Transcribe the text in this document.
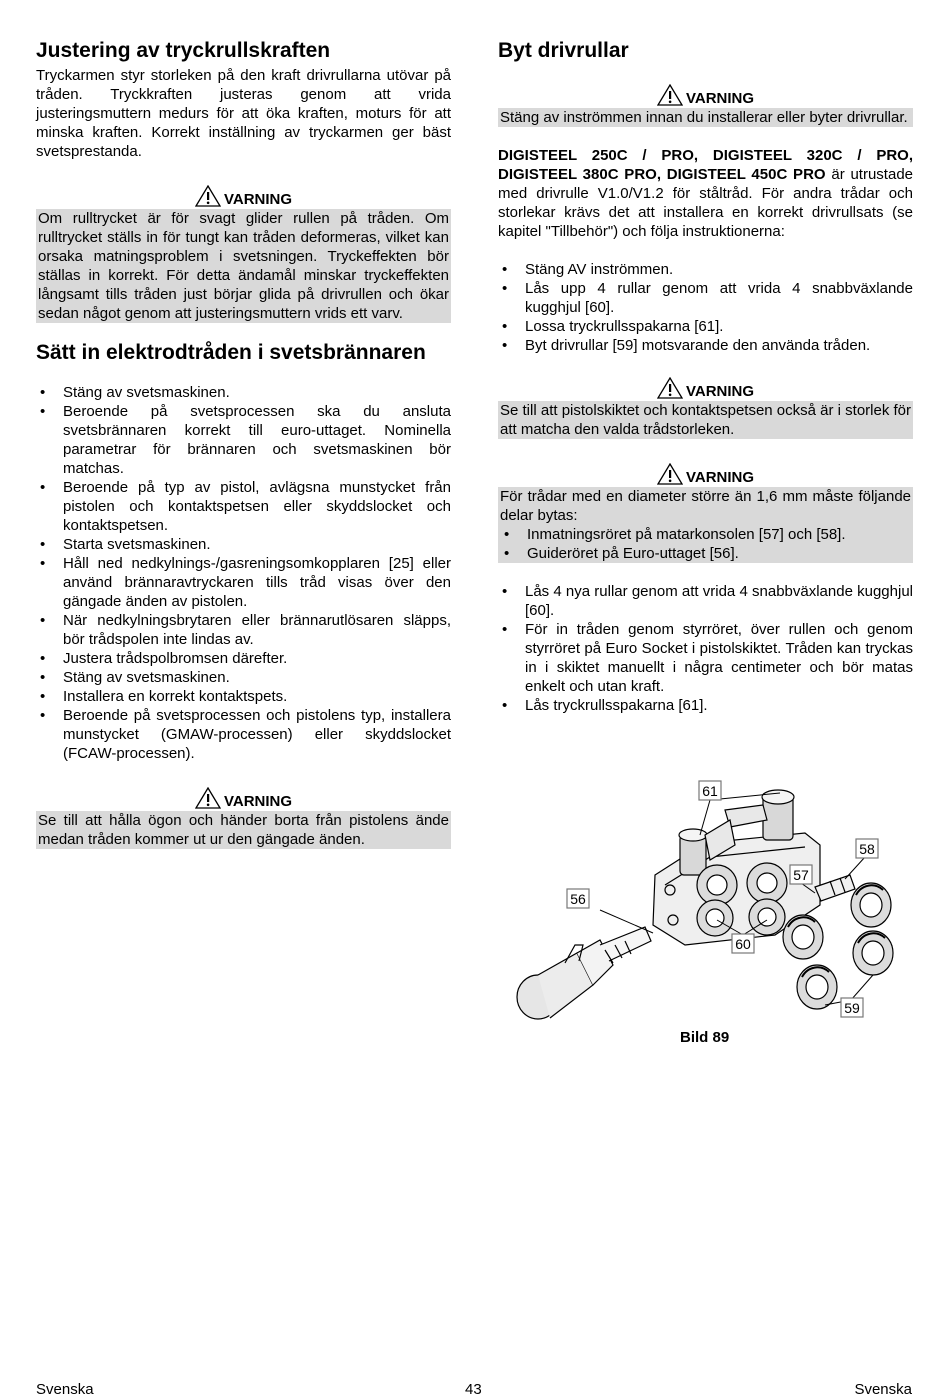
Justering av tryckrullskraften

Tryckarmen styr storleken på den kraft drivrullarna utövar på tråden. Tryckkraften justeras genom att vrida justeringsmuttern medurs för att öka kraften, moturs för att minska kraften. Korrekt inställning av tryckarmen ger bäst svetsprestanda.

VARNING
Om rulltrycket är för svagt glider rullen på tråden. Om rulltrycket ställs in för tungt kan tråden deformeras, vilket kan orsaka matningsproblem i svetsningen. Tryckeffekten bör ställas in korrekt. För detta ändamål minskar tryckeffekten långsamt tills tråden just börjar glida på drivrullen och ökar sedan något genom att justeringsmuttern vrids ett varv.
Sätt in elektrodtråden i svetsbrännaren
• Stäng av svetsmaskinen.
• Beroende på svetsprocessen ska du ansluta svetsbrännaren korrekt till euro-uttaget. Nominella parametrar för brännaren och svetsmaskinen bör matchas.
• Beroende på typ av pistol, avlägsna munstycket från pistolen och kontaktspetsen eller skyddslocket och kontaktspetsen.
• Starta svetsmaskinen.
• Håll ned nedkylnings-/gasreningsomkopplaren [25] eller använd brännaravtryckaren tills tråd visas över den gängade änden av pistolen.
• När nedkylningsbrytaren eller brännarutlösaren släpps, bör trådspolen inte lindas av.
• Justera trådspolbromsen därefter.
• Stäng av svetsmaskinen.
• Installera en korrekt kontaktspets.
• Beroende på svetsprocessen och pistolens typ, installera munstycket (GMAW-processen) eller skyddslocket (FCAW-processen).
VARNING
Se till att hålla ögon och händer borta från pistolens ände medan tråden kommer ut ur den gängade änden.
Byt drivrullar
VARNING
Stäng av inströmmen innan du installerar eller byter drivrullar.

DIGISTEEL 250C / PRO, DIGISTEEL 320C / PRO, DIGISTEEL 380C PRO, DIGISTEEL 450C PRO är utrustade med drivrulle V1.0/V1.2 för ståltråd. För andra trådar och storlekar krävs det att installera en korrekt drivrullsats (se kapitel "Tillbehör") och följa instruktionerna:

• Stäng AV inströmmen.
• Lås upp 4 rullar genom att vrida 4 snabbväxlande kugghjul [60].
• Lossa tryckrullsspakarna [61].
• Byt drivrullar [59] motsvarande den använda tråden.
VARNING
Se till att pistolskiktet och kontaktspetsen också är i storlek för att matcha den valda trådstorleken.
VARNING
För trådar med en diameter större än 1,6 mm måste följande delar bytas:
• Inmatningsröret på matarkonsolen [57] och [58].
• Guideröret på Euro-uttaget [56].
• Lås 4 nya rullar genom att vrida 4 snabbväxlande kugghjul [60].
• För in tråden genom styrröret, över rullen och genom styrröret på Euro Socket i pistolskiktet. Tråden kan tryckas in i skiktet manuellt i några centimeter och bör matas enkelt och utan kraft.
• Lås tryckrullsspakarna [61].
61
58
57
56
60
59
Bild 89
Svenska	43	Svenska
